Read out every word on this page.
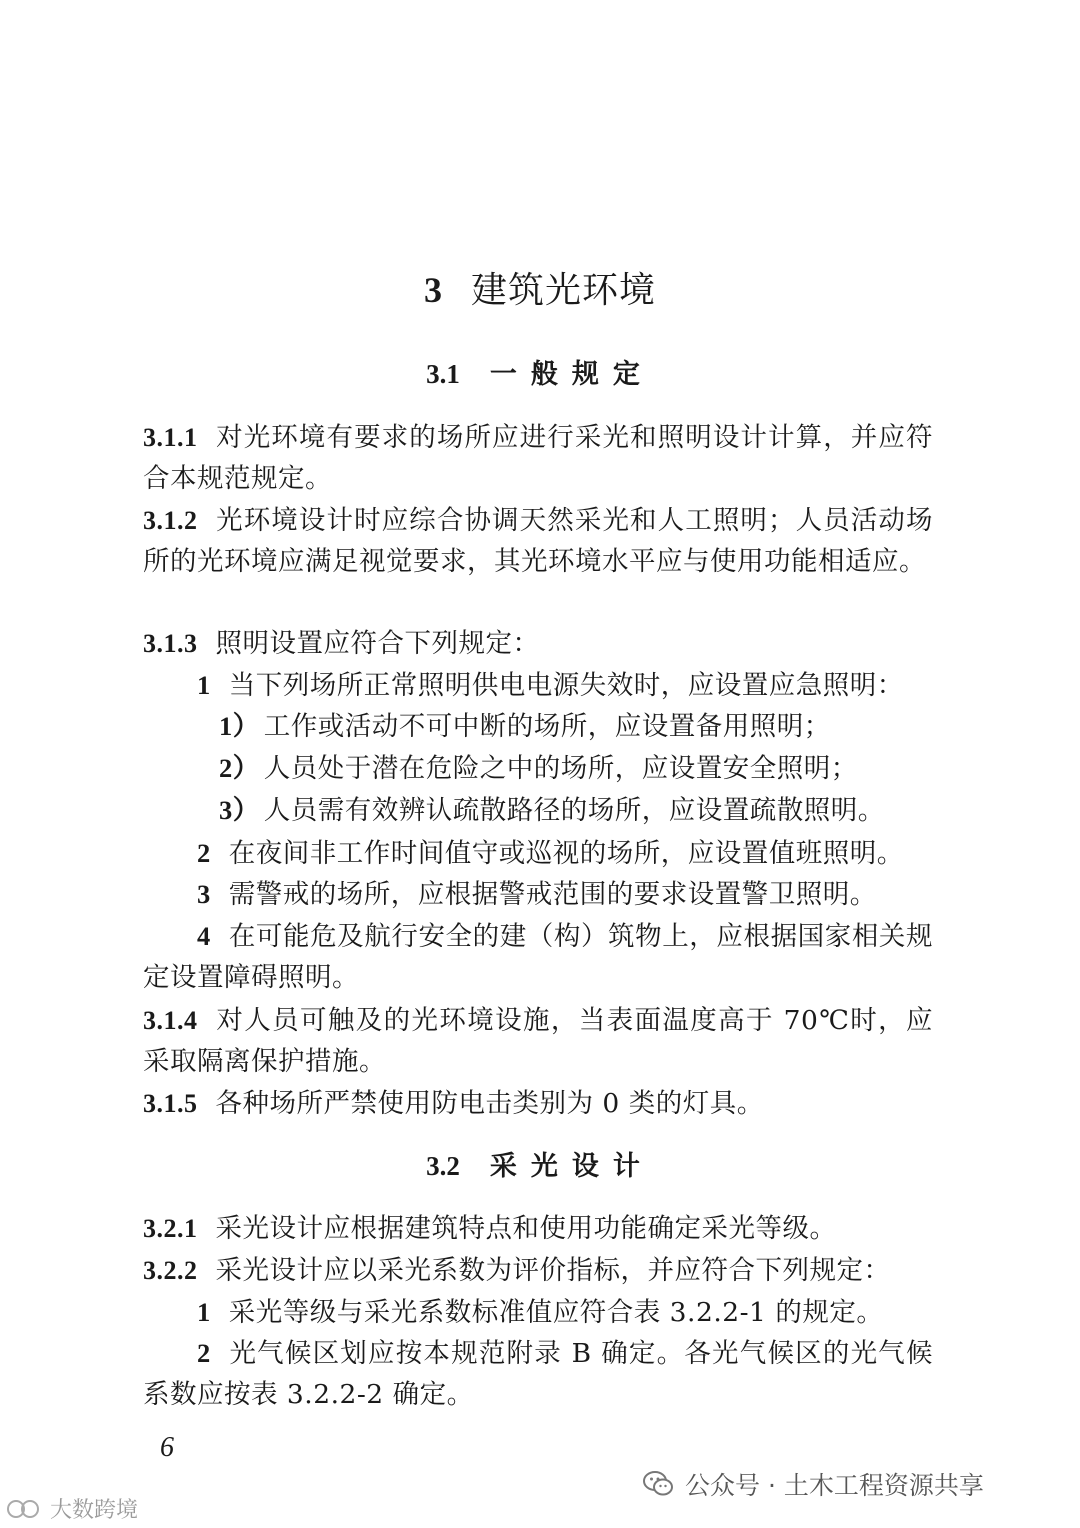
3 建筑光环境
3.1 一般规定
3.1.1 对光环境有要求的场所应进行采光和照明设计计算，并应符合本规范规定。
3.1.2 光环境设计时应综合协调天然采光和人工照明；人员活动场所的光环境应满足视觉要求，其光环境水平应与使用功能相适应。
3.1.3 照明设置应符合下列规定：
1 当下列场所正常照明供电电源失效时，应设置应急照明：
1） 工作或活动不可中断的场所，应设置备用照明；
2） 人员处于潜在危险之中的场所，应设置安全照明；
3） 人员需有效辨认疏散路径的场所，应设置疏散照明。
2 在夜间非工作时间值守或巡视的场所，应设置值班照明。
3 需警戒的场所，应根据警戒范围的要求设置警卫照明。
4 在可能危及航行安全的建（构）筑物上，应根据国家相关规定设置障碍照明。
3.1.4 对人员可触及的光环境设施，当表面温度高于 70℃时，应采取隔离保护措施。
3.1.5 各种场所严禁使用防电击类别为 0 类的灯具。
3.2 采光设计
3.2.1 采光设计应根据建筑特点和使用功能确定采光等级。
3.2.2 采光设计应以采光系数为评价指标，并应符合下列规定：
1 采光等级与采光系数标准值应符合表 3.2.2-1 的规定。
2 光气候区划应按本规范附录 B 确定。各光气候区的光气候系数应按表 3.2.2-2 确定。
6
公众号 · 土木工程资源共享
大数跨境
